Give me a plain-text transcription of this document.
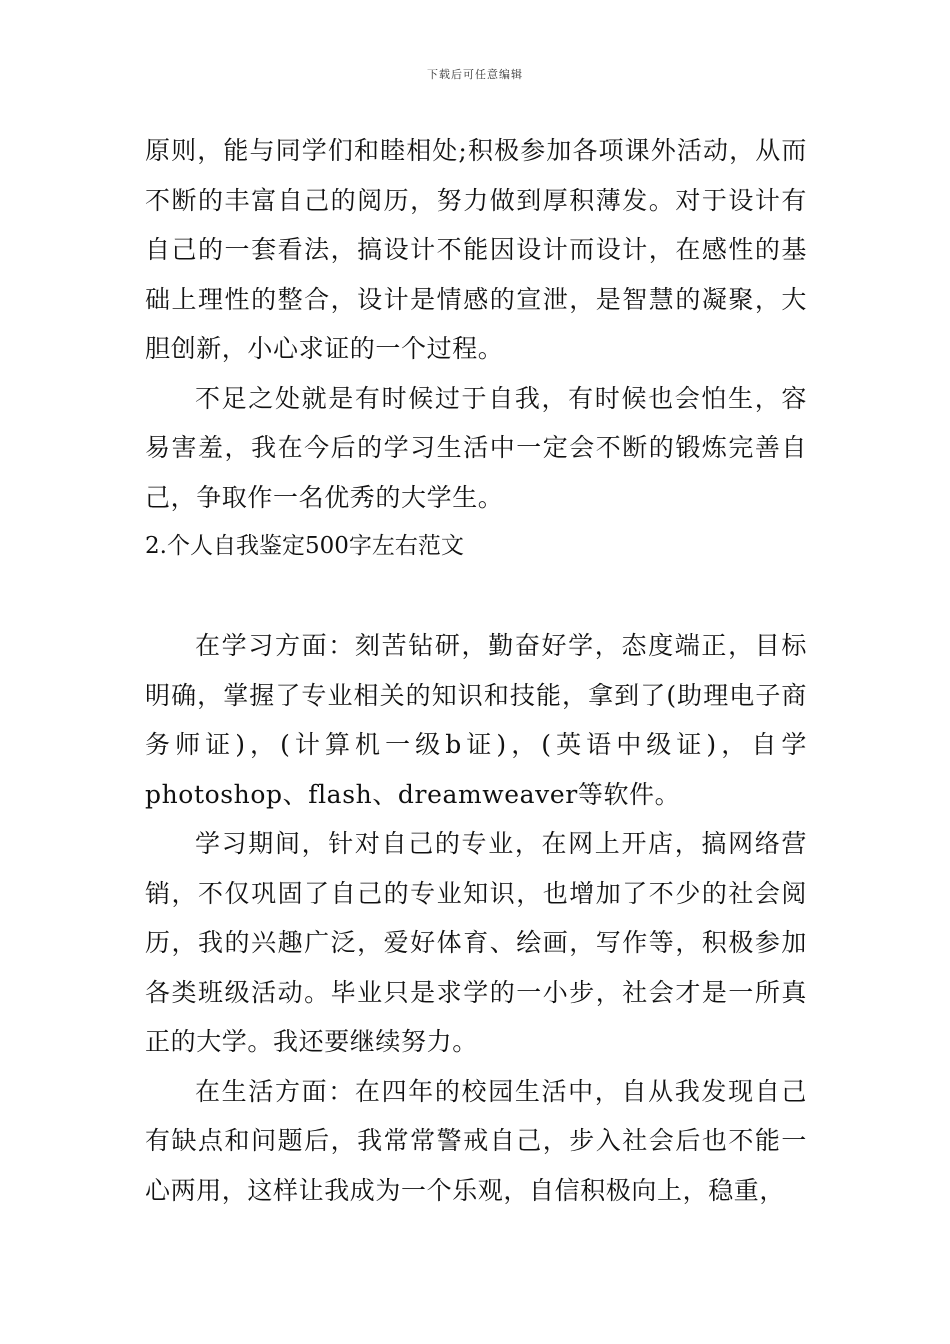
下载后可任意编辑

原则，能与同学们和睦相处;积极参加各项课外活动，从而不断的丰富自己的阅历，努力做到厚积薄发。对于设计有自己的一套看法，搞设计不能因设计而设计，在感性的基础上理性的整合，设计是情感的宣泄，是智慧的凝聚，大胆创新，小心求证的一个过程。

不足之处就是有时候过于自我，有时候也会怕生，容易害羞，我在今后的学习生活中一定会不断的锻炼完善自己，争取作一名优秀的大学生。

2.个人自我鉴定500字左右范文

在学习方面：刻苦钻研，勤奋好学，态度端正，目标明确，掌握了专业相关的知识和技能，拿到了(助理电子商务师证)，(计算机一级b证)，(英语中级证)，自学photoshop、flash、dreamweaver等软件。

学习期间，针对自己的专业，在网上开店，搞网络营销，不仅巩固了自己的专业知识，也增加了不少的社会阅历，我的兴趣广泛，爱好体育、绘画，写作等，积极参加各类班级活动。毕业只是求学的一小步，社会才是一所真正的大学。我还要继续努力。

在生活方面：在四年的校园生活中，自从我发现自己有缺点和问题后，我常常警戒自己，步入社会后也不能一心两用，这样让我成为一个乐观，自信积极向上，稳重，
